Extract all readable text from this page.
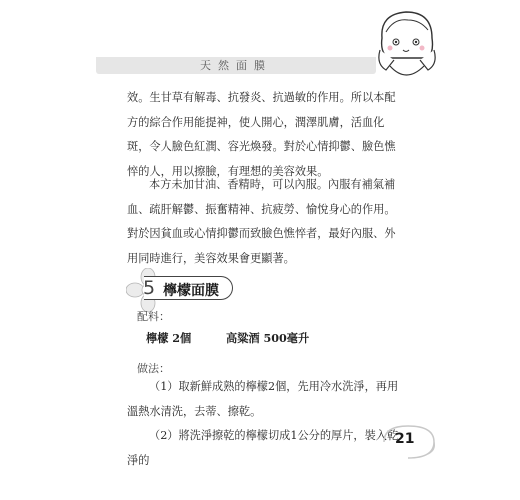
天然面膜

效。生甘草有解毒、抗發炎、抗過敏的作用。所以本配方的綜合作用能提神，使人開心，潤澤肌膚，活血化斑，令人臉色紅潤、容光煥發。對於心情抑鬱、臉色憔悴的人，用以擦臉，有理想的美容效果。

本方未加甘油、香精時，可以內服。內服有補氣補血、疏肝解鬱、振奮精神、抗疲勞、愉悅身心的作用。對於因貧血或心情抑鬱而致臉色憔悴者，最好內服、外用同時進行，美容效果會更顯著。

5 檸檬面膜
配料：
檸檬 2個	高粱酒 500毫升
做法：

（1）取新鮮成熟的檸檬2個，先用冷水洗淨，再用溫熱水清洗，去蒂、擦乾。

（2）將洗淨擦乾的檸檬切成1公分的厚片，裝入乾淨的

21
